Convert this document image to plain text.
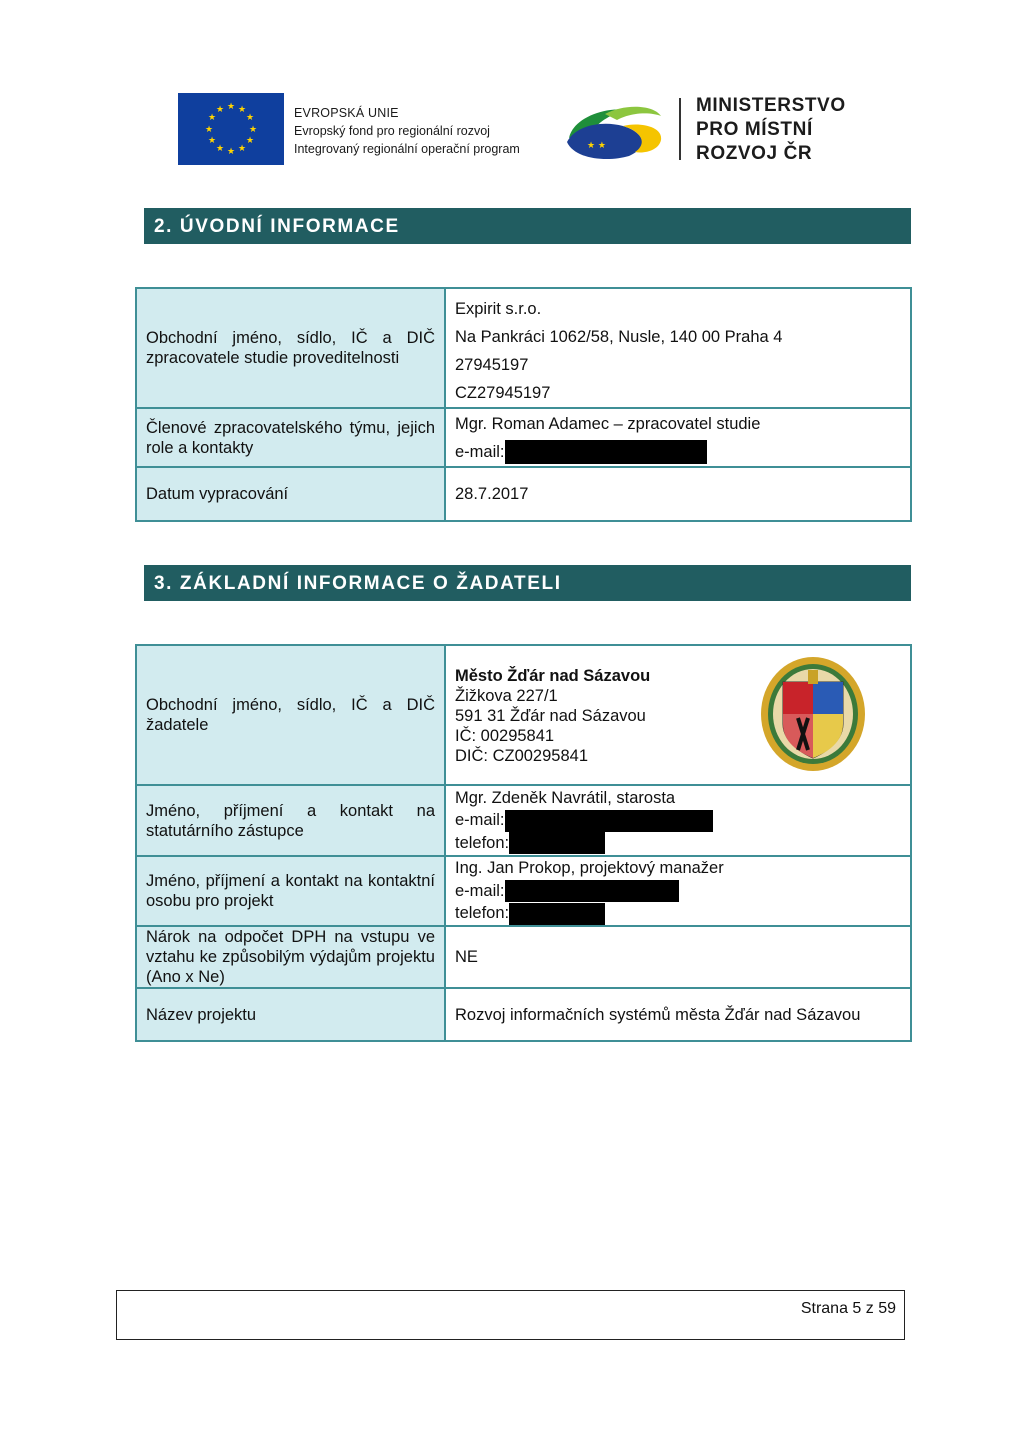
★ ★
★
★
★
★
★
★
★
★
★
★	EVROPSKÁ UNIE
Evropský fond pro regionální rozvoj
Integrovaný regionální operační program	★ ★
MINISTERSTVO
PRO MÍSTNÍ
ROZVOJ ČR
2. ÚVODNÍ INFORMACE
Obchodní jméno, sídlo, IČ a DIČ zpracovatele studie proveditelnosti	Expirit s.r.o.
Na Pankráci 1062/58, Nusle, 140 00 Praha 4
27945197
CZ27945197

Členové zpracovatelského týmu, jejich role a kontakty	Mgr. Roman Adamec – zpracovatel studie
e-mail:

Datum vypracování	28.7.2017
3. ZÁKLADNÍ INFORMACE O ŽADATELI
Obchodní jméno, sídlo, IČ a DIČ žadatele	Město Žďár nad Sázavou
Žižkova 227/1
591 31 Žďár nad Sázavou
IČ: 00295841
DIČ: CZ00295841

Jméno, příjmení a kontakt na statutárního zástupce	Mgr. Zdeněk Navrátil, starosta
e-mail:
telefon:

Jméno, příjmení a kontakt na kontaktní osobu pro projekt	Ing. Jan Prokop, projektový manažer
e-mail:
telefon:

Nárok na odpočet DPH na vstupu ve vztahu ke způsobilým výdajům projektu (Ano x Ne)	NE
Název projektu	Rozvoj informačních systémů města Žďár nad Sázavou
Strana 5 z 59
